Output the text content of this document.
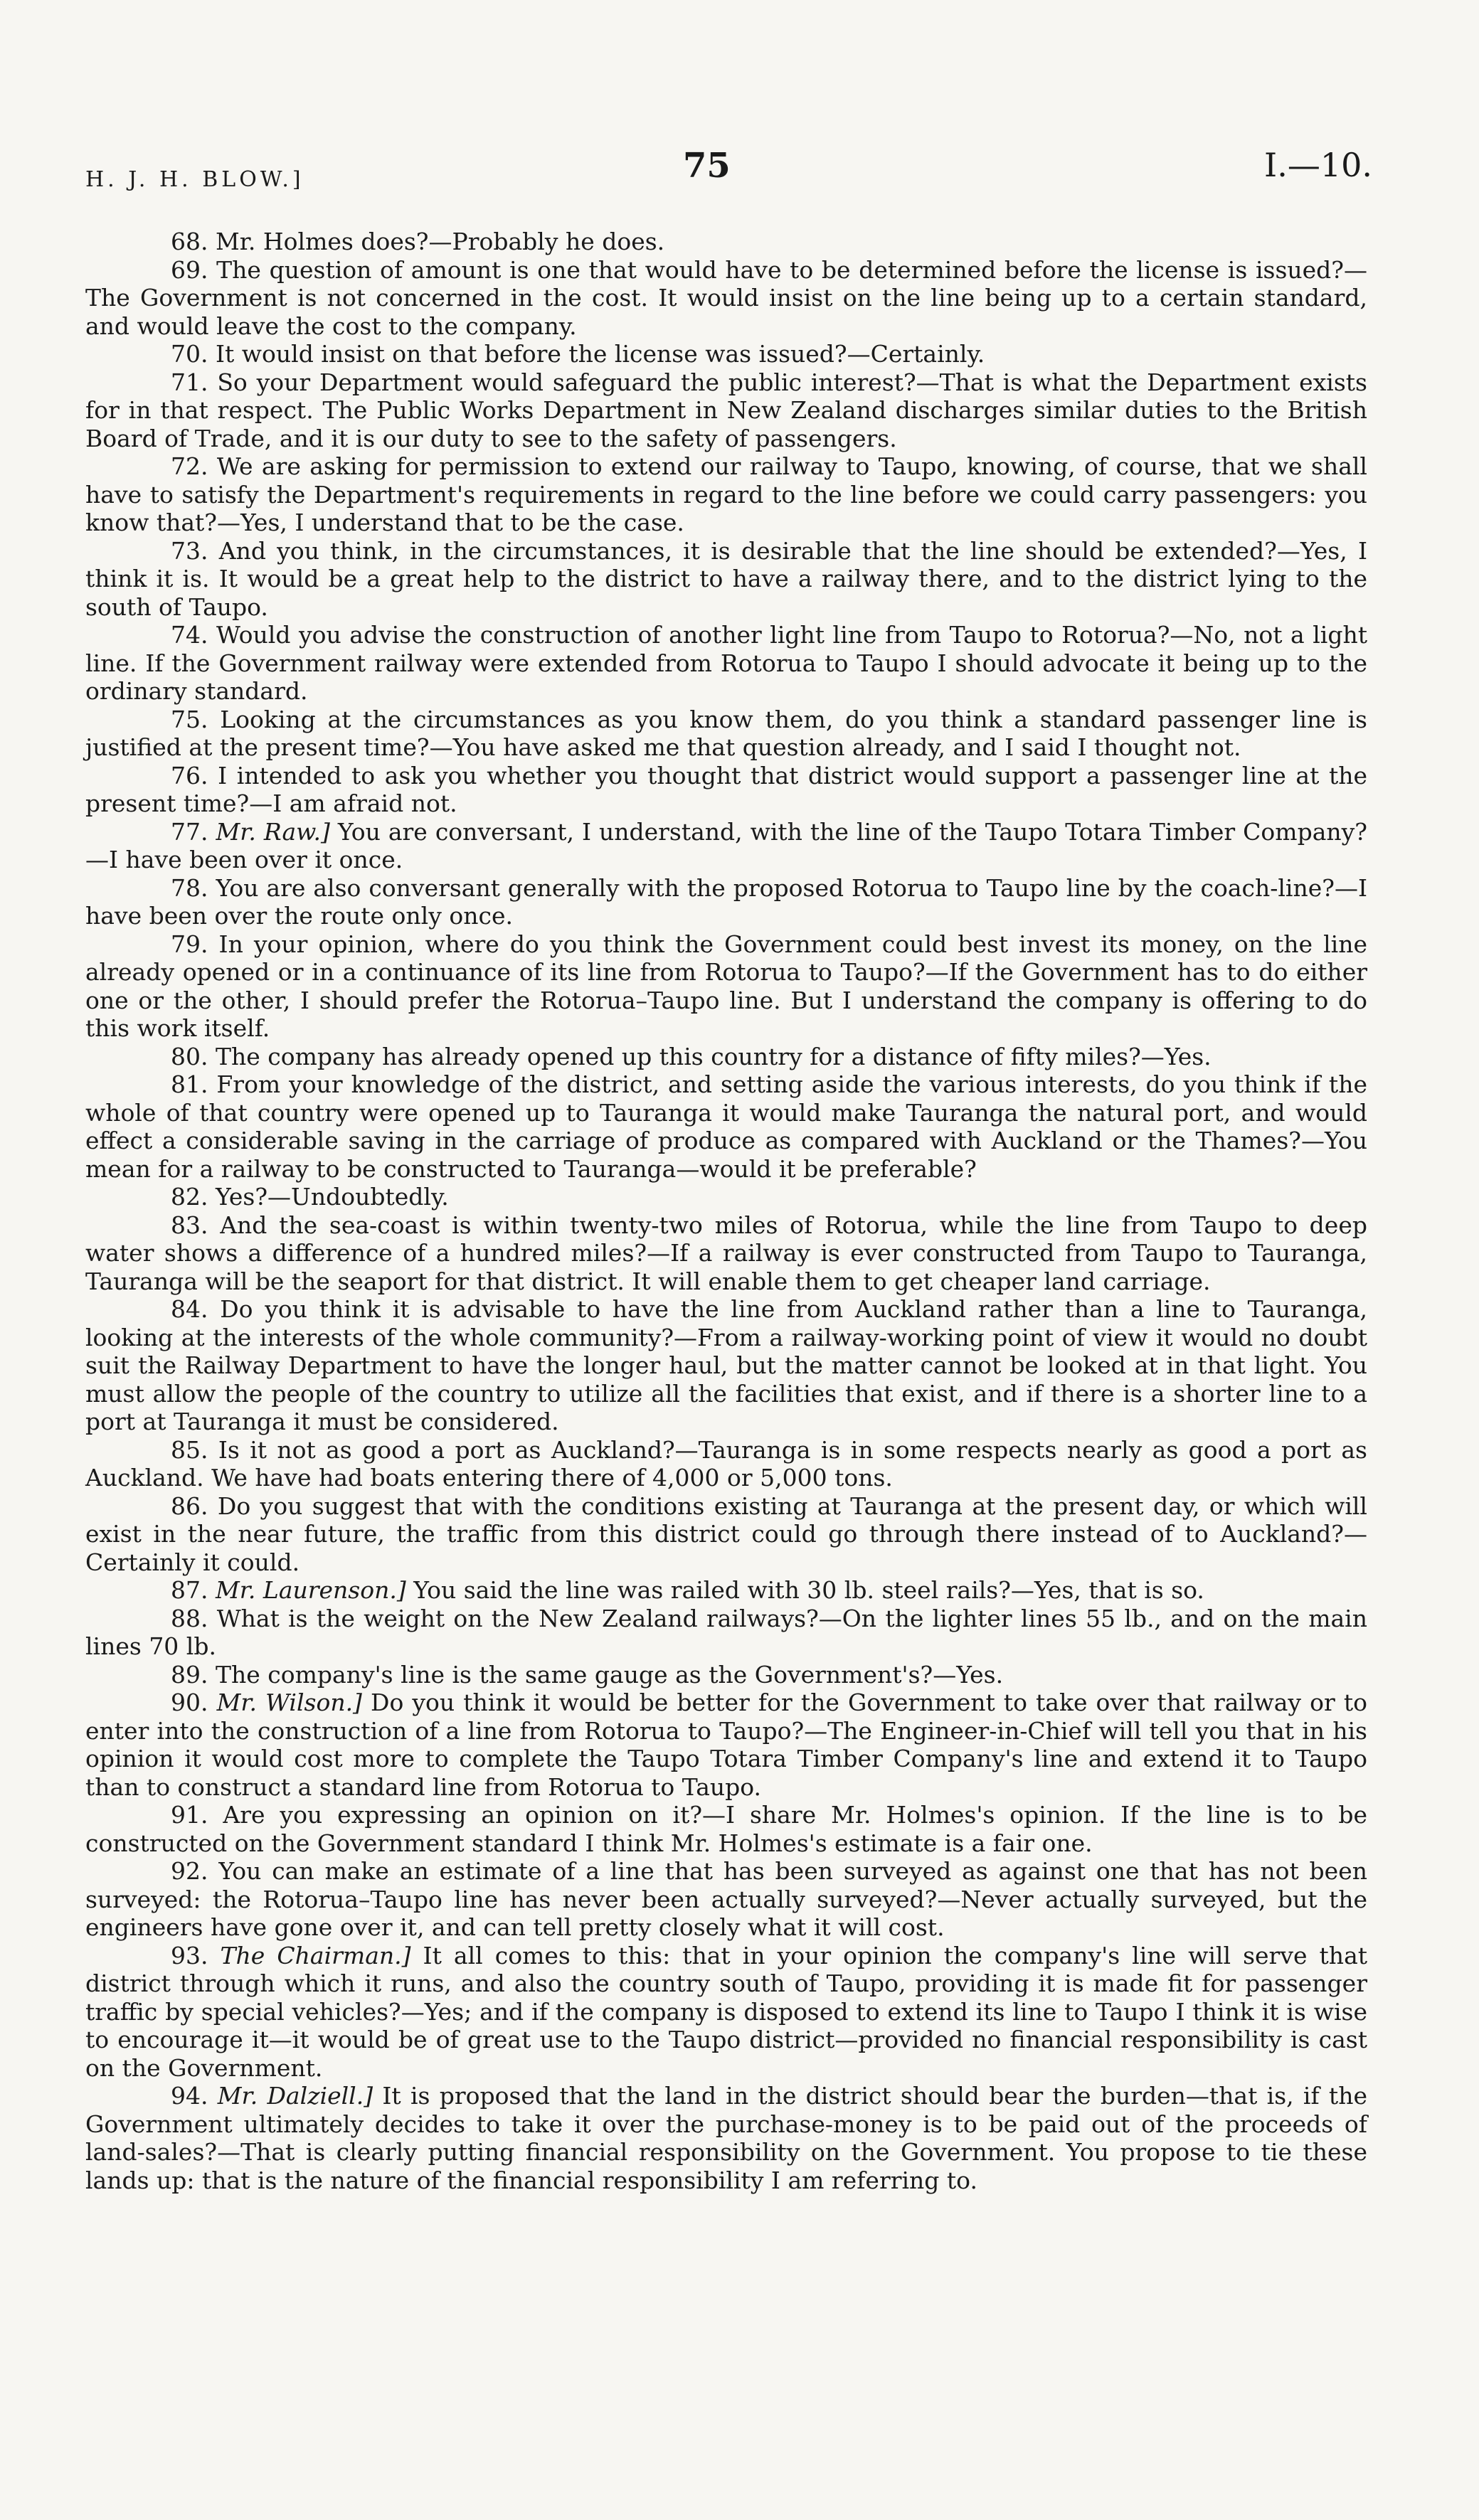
H. J. H. BLOW.]	75	I.—10.

68. Mr. Holmes does?—Probably he does.

69. The question of amount is one that would have to be determined before the license is issued?—The Government is not concerned in the cost. It would insist on the line being up to a certain standard, and would leave the cost to the company.

70. It would insist on that before the license was issued?—Certainly.

71. So your Department would safeguard the public interest?—That is what the Department exists for in that respect. The Public Works Department in New Zealand discharges similar duties to the British Board of Trade, and it is our duty to see to the safety of passengers.

72. We are asking for permission to extend our railway to Taupo, knowing, of course, that we shall have to satisfy the Department's requirements in regard to the line before we could carry passengers: you know that?—Yes, I understand that to be the case.

73. And you think, in the circumstances, it is desirable that the line should be extended?—Yes, I think it is. It would be a great help to the district to have a railway there, and to the district lying to the south of Taupo.

74. Would you advise the construction of another light line from Taupo to Rotorua?—No, not a light line. If the Government railway were extended from Rotorua to Taupo I should advocate it being up to the ordinary standard.

75. Looking at the circumstances as you know them, do you think a standard passenger line is justified at the present time?—You have asked me that question already, and I said I thought not.

76. I intended to ask you whether you thought that district would support a passenger line at the present time?—I am afraid not.

77. Mr. Raw.] You are conversant, I understand, with the line of the Taupo Totara Timber Company?—I have been over it once.

78. You are also conversant generally with the proposed Rotorua to Taupo line by the coach-line?—I have been over the route only once.

79. In your opinion, where do you think the Government could best invest its money, on the line already opened or in a continuance of its line from Rotorua to Taupo?—If the Government has to do either one or the other, I should prefer the Rotorua–Taupo line. But I understand the company is offering to do this work itself.

80. The company has already opened up this country for a distance of fifty miles?—Yes.

81. From your knowledge of the district, and setting aside the various interests, do you think if the whole of that country were opened up to Tauranga it would make Tauranga the natural port, and would effect a considerable saving in the carriage of produce as compared with Auckland or the Thames?—You mean for a railway to be constructed to Tauranga—would it be preferable?

82. Yes?—Undoubtedly.

83. And the sea-coast is within twenty-two miles of Rotorua, while the line from Taupo to deep water shows a difference of a hundred miles?—If a railway is ever constructed from Taupo to Tauranga, Tauranga will be the seaport for that district. It will enable them to get cheaper land carriage.

84. Do you think it is advisable to have the line from Auckland rather than a line to Tauranga, looking at the interests of the whole community?—From a railway-working point of view it would no doubt suit the Railway Department to have the longer haul, but the matter cannot be looked at in that light. You must allow the people of the country to utilize all the facilities that exist, and if there is a shorter line to a port at Tauranga it must be considered.

85. Is it not as good a port as Auckland?—Tauranga is in some respects nearly as good a port as Auckland. We have had boats entering there of 4,000 or 5,000 tons.

86. Do you suggest that with the conditions existing at Tauranga at the present day, or which will exist in the near future, the traffic from this district could go through there instead of to Auckland?—Certainly it could.

87. Mr. Laurenson.] You said the line was railed with 30 lb. steel rails?—Yes, that is so.

88. What is the weight on the New Zealand railways?—On the lighter lines 55 lb., and on the main lines 70 lb.

89. The company's line is the same gauge as the Government's?—Yes.

90. Mr. Wilson.] Do you think it would be better for the Government to take over that railway or to enter into the construction of a line from Rotorua to Taupo?—The Engineer-in-Chief will tell you that in his opinion it would cost more to complete the Taupo Totara Timber Company's line and extend it to Taupo than to construct a standard line from Rotorua to Taupo.

91. Are you expressing an opinion on it?—I share Mr. Holmes's opinion. If the line is to be constructed on the Government standard I think Mr. Holmes's estimate is a fair one.

92. You can make an estimate of a line that has been surveyed as against one that has not been surveyed: the Rotorua–Taupo line has never been actually surveyed?—Never actually surveyed, but the engineers have gone over it, and can tell pretty closely what it will cost.

93. The Chairman.] It all comes to this: that in your opinion the company's line will serve that district through which it runs, and also the country south of Taupo, providing it is made fit for passenger traffic by special vehicles?—Yes; and if the company is disposed to extend its line to Taupo I think it is wise to encourage it—it would be of great use to the Taupo district—provided no financial responsibility is cast on the Government.

94. Mr. Dalziell.] It is proposed that the land in the district should bear the burden—that is, if the Government ultimately decides to take it over the purchase-money is to be paid out of the proceeds of land-sales?—That is clearly putting financial responsibility on the Government. You propose to tie these lands up: that is the nature of the financial responsibility I am referring to.
